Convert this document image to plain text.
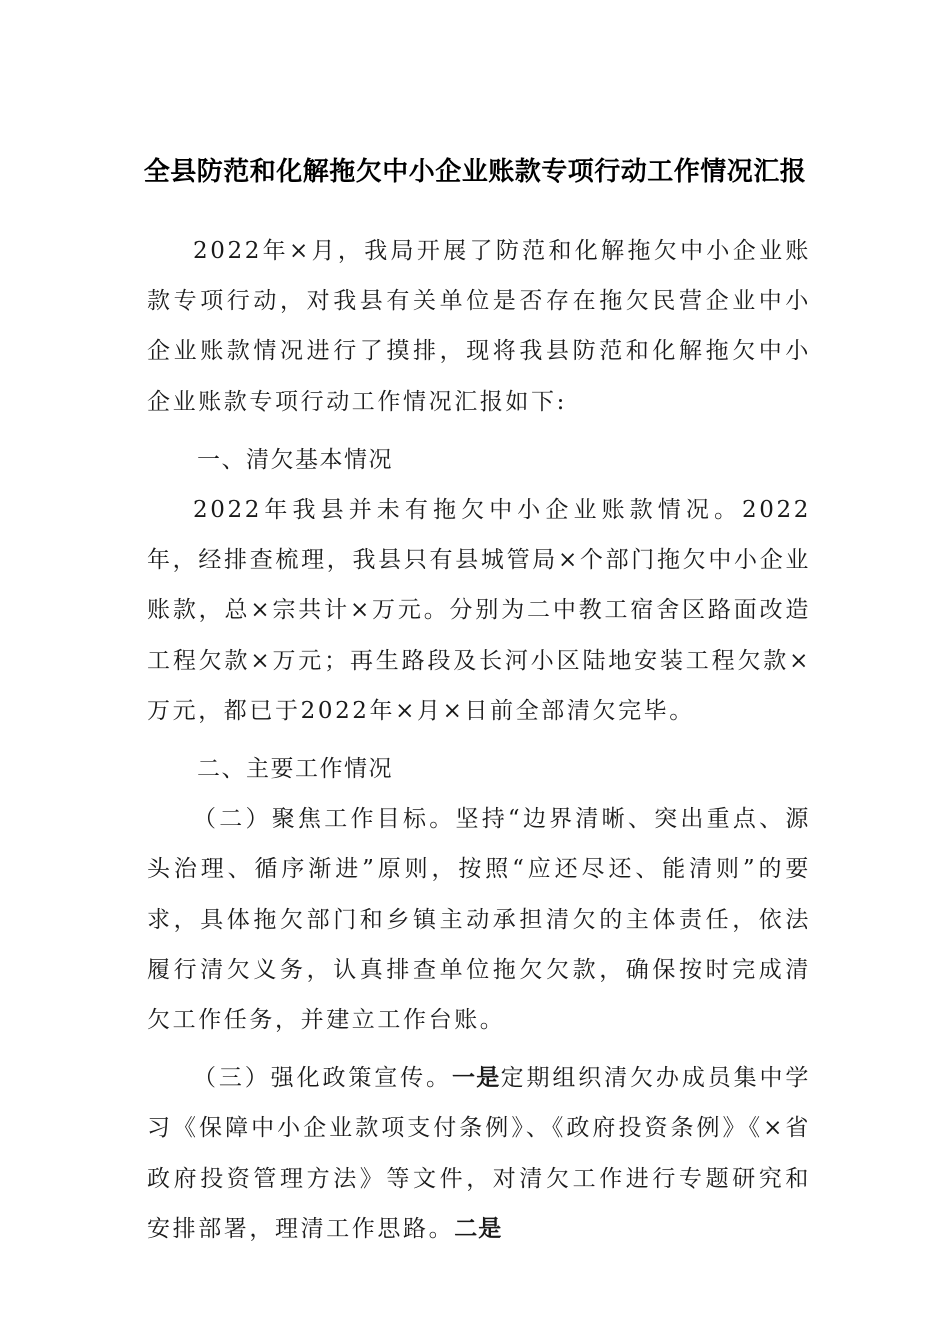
全县防范和化解拖欠中小企业账款专项行动工作情况汇报

2022年×月，我局开展了防范和化解拖欠中小企业账款专项行动，对我县有关单位是否存在拖欠民营企业中小企业账款情况进行了摸排，现将我县防范和化解拖欠中小企业账款专项行动工作情况汇报如下:

一、清欠基本情况

2022年我县并未有拖欠中小企业账款情况。2022年，经排查梳理，我县只有县城管局×个部门拖欠中小企业账款，总×宗共计×万元。分别为二中教工宿舍区路面改造工程欠款×万元；再生路段及长河小区陆地安装工程欠款×万元，都已于2022年×月×日前全部清欠完毕。

二、主要工作情况

（二）聚焦工作目标。坚持“边界清晰、突出重点、源头治理、循序渐进”原则，按照“应还尽还、能清则”的要求，具体拖欠部门和乡镇主动承担清欠的主体责任，依法履行清欠义务，认真排查单位拖欠欠款，确保按时完成清欠工作任务，并建立工作台账。

（三）强化政策宣传。一是定期组织清欠办成员集中学习《保障中小企业款项支付条例》、《政府投资条例》《×省政府投资管理方法》等文件，对清欠工作进行专题研究和安排部署，理清工作思路。二是
